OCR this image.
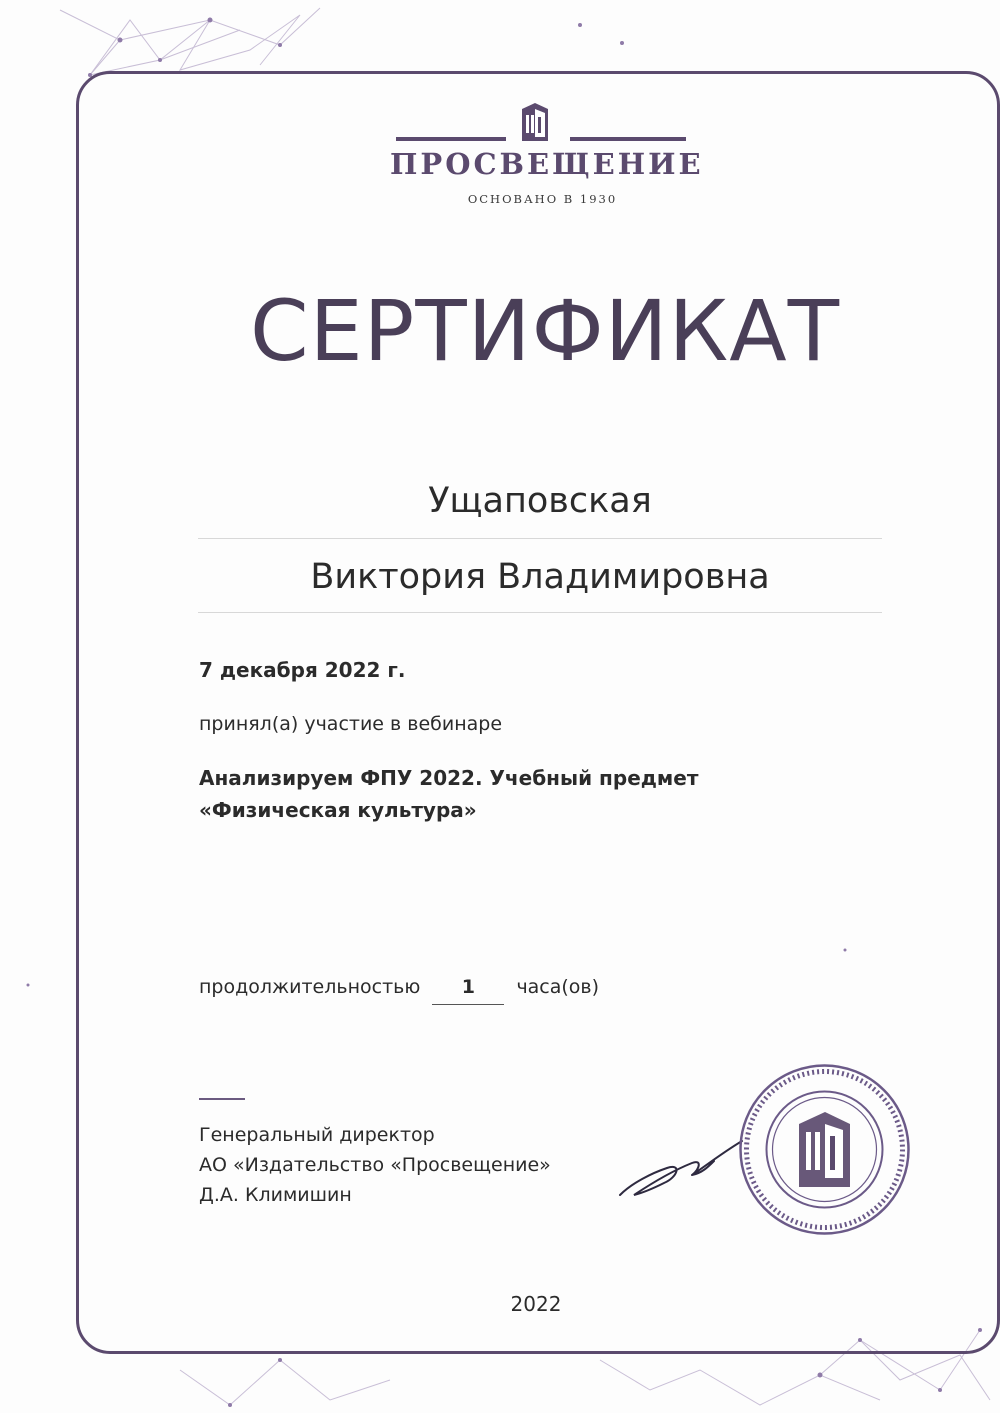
ПРОСВЕЩЕНИЕ
ОСНОВАНО В 1930
СЕРТИФИКАТ
Ущаповская
Виктория Владимировна
7 декабря 2022 г.
принял(а) участие в вебинаре
Анализируем ФПУ 2022. Учебный предмет
«Физическая культура»
продолжительностью 1 часа(ов)
Генеральный директор
АО «Издательство «Просвещение»
Д.А. Климишин
2022
